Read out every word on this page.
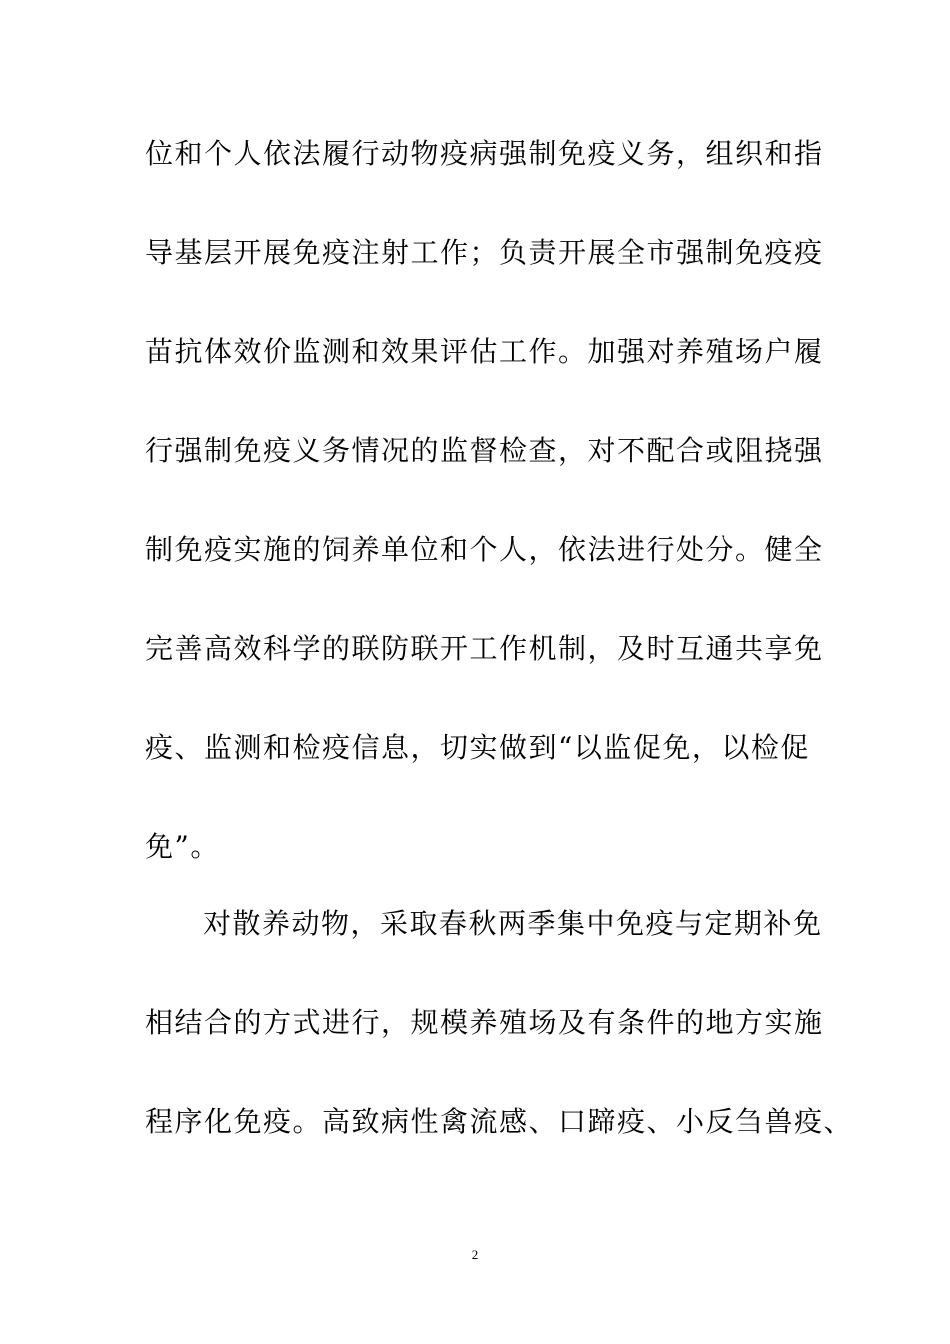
位和个人依法履行动物疫病强制免疫义务，组织和指
导基层开展免疫注射工作；负责开展全市强制免疫疫
苗抗体效价监测和效果评估工作。加强对养殖场户履
行强制免疫义务情况的监督检查，对不配合或阻挠强
制免疫实施的饲养单位和个人，依法进行处分。健全
完善高效科学的联防联开工作机制，及时互通共享免
疫、监测和检疫信息，切实做到“以监促免，以检促
免”。
对散养动物，采取春秋两季集中免疫与定期补免
相结合的方式进行，规模养殖场及有条件的地方实施
程序化免疫。高致病性禽流感、口蹄疫、小反刍兽疫、
2
